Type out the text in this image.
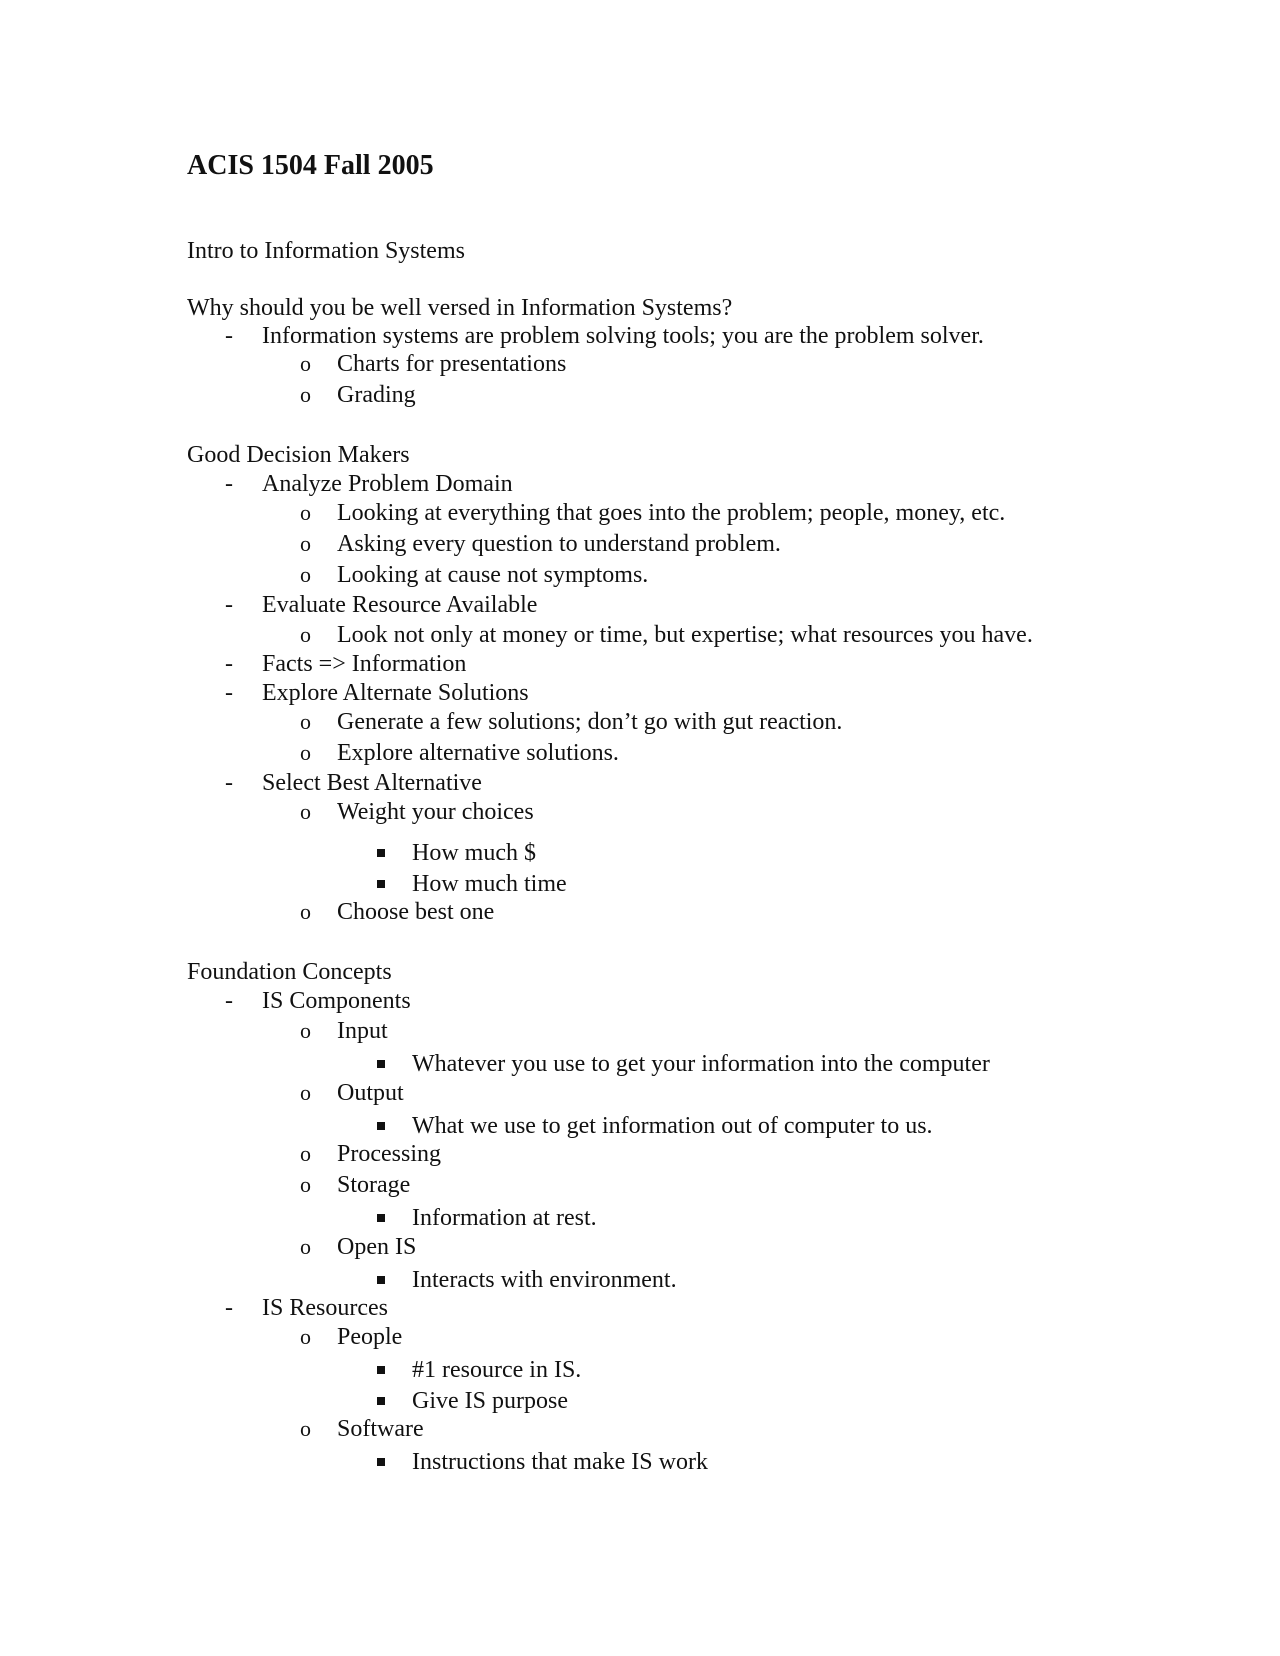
ACIS 1504 Fall 2005
Intro to Information Systems
Why should you be well versed in Information Systems?
- Information systems are problem solving tools; you are the problem solver.
o Charts for presentations
o Grading
Good Decision Makers
- Analyze Problem Domain
o Looking at everything that goes into the problem; people, money, etc.
o Asking every question to understand problem.
o Looking at cause not symptoms.
- Evaluate Resource Available
o Look not only at money or time, but expertise; what resources you have.
- Facts => Information
- Explore Alternate Solutions
o Generate a few solutions; don’t go with gut reaction.
o Explore alternative solutions.
- Select Best Alternative
o Weight your choices
How much $
How much time
o Choose best one
Foundation Concepts
- IS Components
o Input
Whatever you use to get your information into the computer
o Output
What we use to get information out of computer to us.
o Processing
o Storage
Information at rest.
o Open IS
Interacts with environment.
- IS Resources
o People
#1 resource in IS.
Give IS purpose
o Software
Instructions that make IS work
